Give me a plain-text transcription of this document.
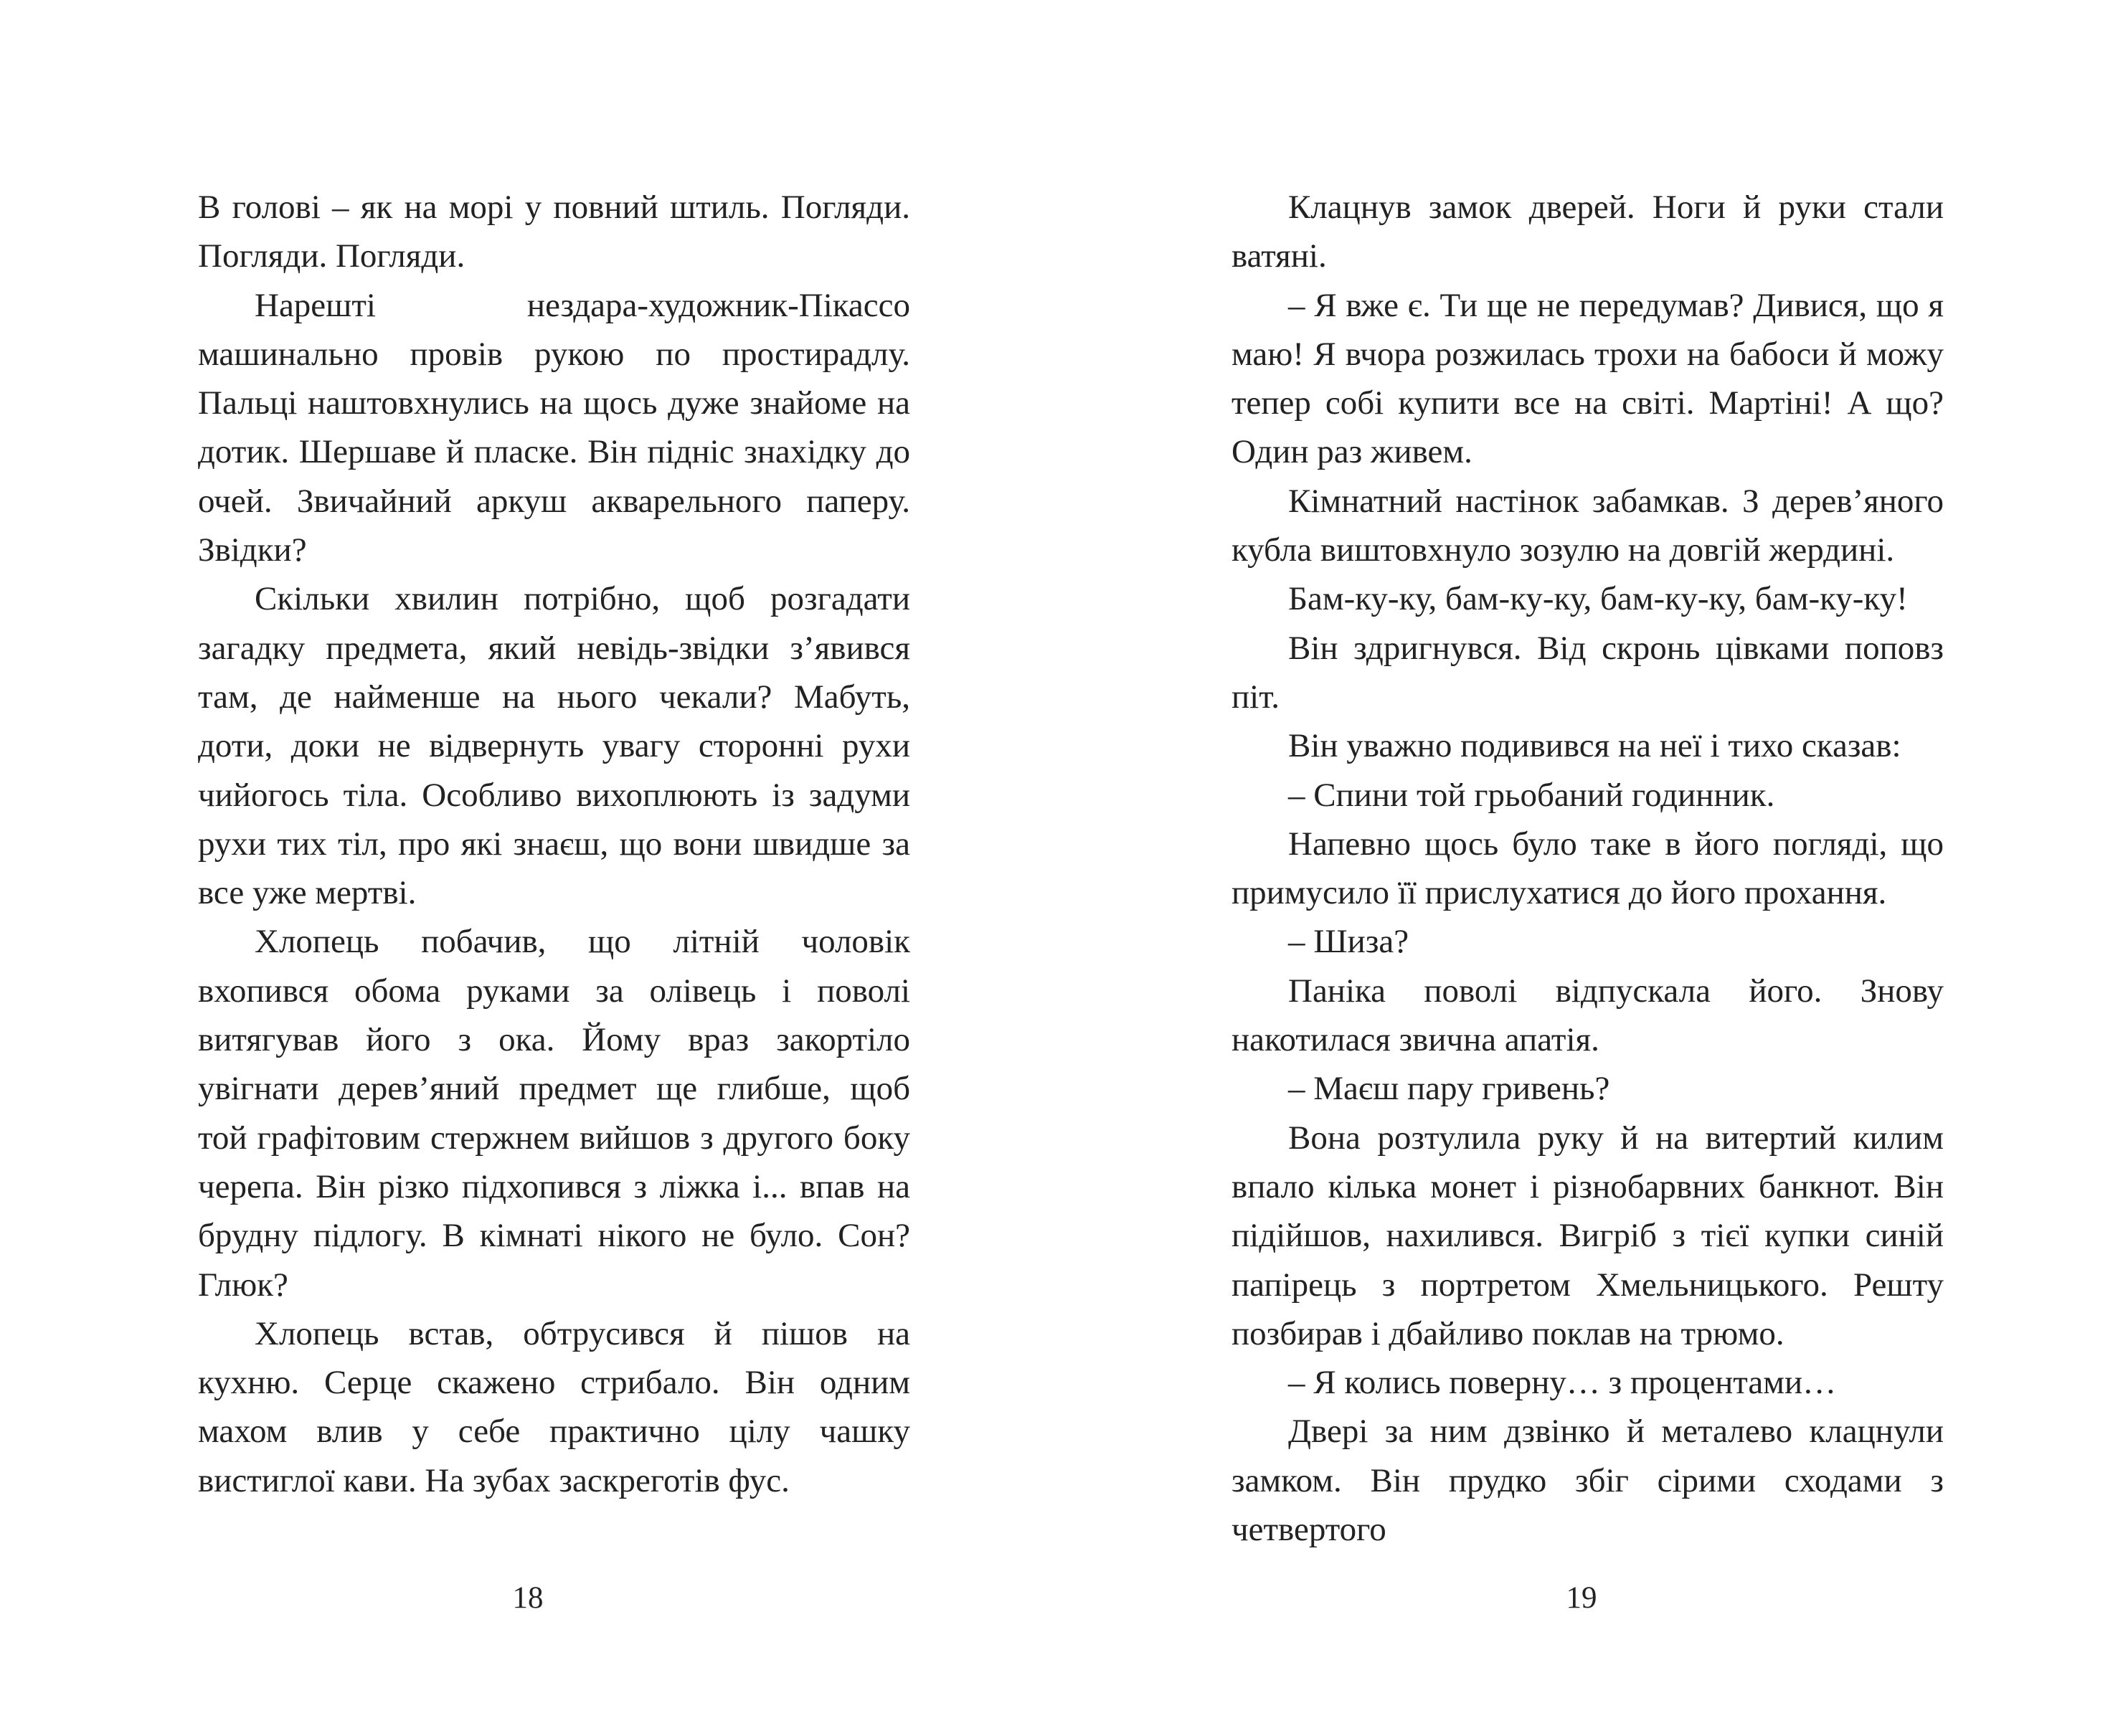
В голові – як на морі у повний штиль. Погляди. Погляди. Погляди.

Нарешті нездара-художник-Пікассо машинально провів рукою по простирадлу. Пальці наштовхнулись на щось дуже знайоме на дотик. Шершаве й пласке. Він підніс знахідку до очей. Звичайний аркуш акварельного паперу. Звідки?

Скільки хвилин потрібно, щоб розгадати загадку предмета, який невідь-звідки з’явився там, де найменше на нього чекали? Мабуть, доти, доки не відвернуть увагу сторонні рухи чийогось тіла. Особливо вихоплюють із задуми рухи тих тіл, про які знаєш, що вони швидше за все уже мертві.

Хлопець побачив, що літній чоловік вхопився обома руками за олівець і поволі витягував його з ока. Йому враз закортіло увігнати дерев’яний предмет ще глибше, щоб той графітовим стержнем вийшов з другого боку черепа. Він різко підхопився з ліжка і... впав на брудну підлогу. В кімнаті нікого не було. Сон? Глюк?

Хлопець встав, обтрусився й пішов на кухню. Серце скажено стрибало. Він одним махом влив у себе практично цілу чашку вистиглої кави. На зубах заскреготів фус.

18

Клацнув замок дверей. Ноги й руки стали ватяні.

– Я вже є. Ти ще не передумав? Дивися, що я маю! Я вчора розжилась трохи на бабоси й можу тепер собі купити все на світі. Мартіні! А що? Один раз живем.

Кімнатний настінок забамкав. З дерев’яного кубла виштовхнуло зозулю на довгій жердині.

Бам-ку-ку, бам-ку-ку, бам-ку-ку, бам-ку-ку!

Він здригнувся. Від скронь цівками поповз піт.

Він уважно подивився на неї і тихо сказав:

– Спини той грьобаний годинник.

Напевно щось було таке в його погляді, що примусило її прислухатися до його прохання.

– Шиза?

Паніка поволі відпускала його. Знову накотилася звична апатія.

– Маєш пару гривень?

Вона розтулила руку й на витертий килим впало кілька монет і різнобарвних банкнот. Він підійшов, нахилився. Вигріб з тієї купки синій папірець з портретом Хмельницького. Решту позбирав і дбайливо поклав на трюмо.

– Я колись поверну… з процентами…

Двері за ним дзвінко й металево клацнули замком. Він прудко збіг сірими сходами з четвертого

19
